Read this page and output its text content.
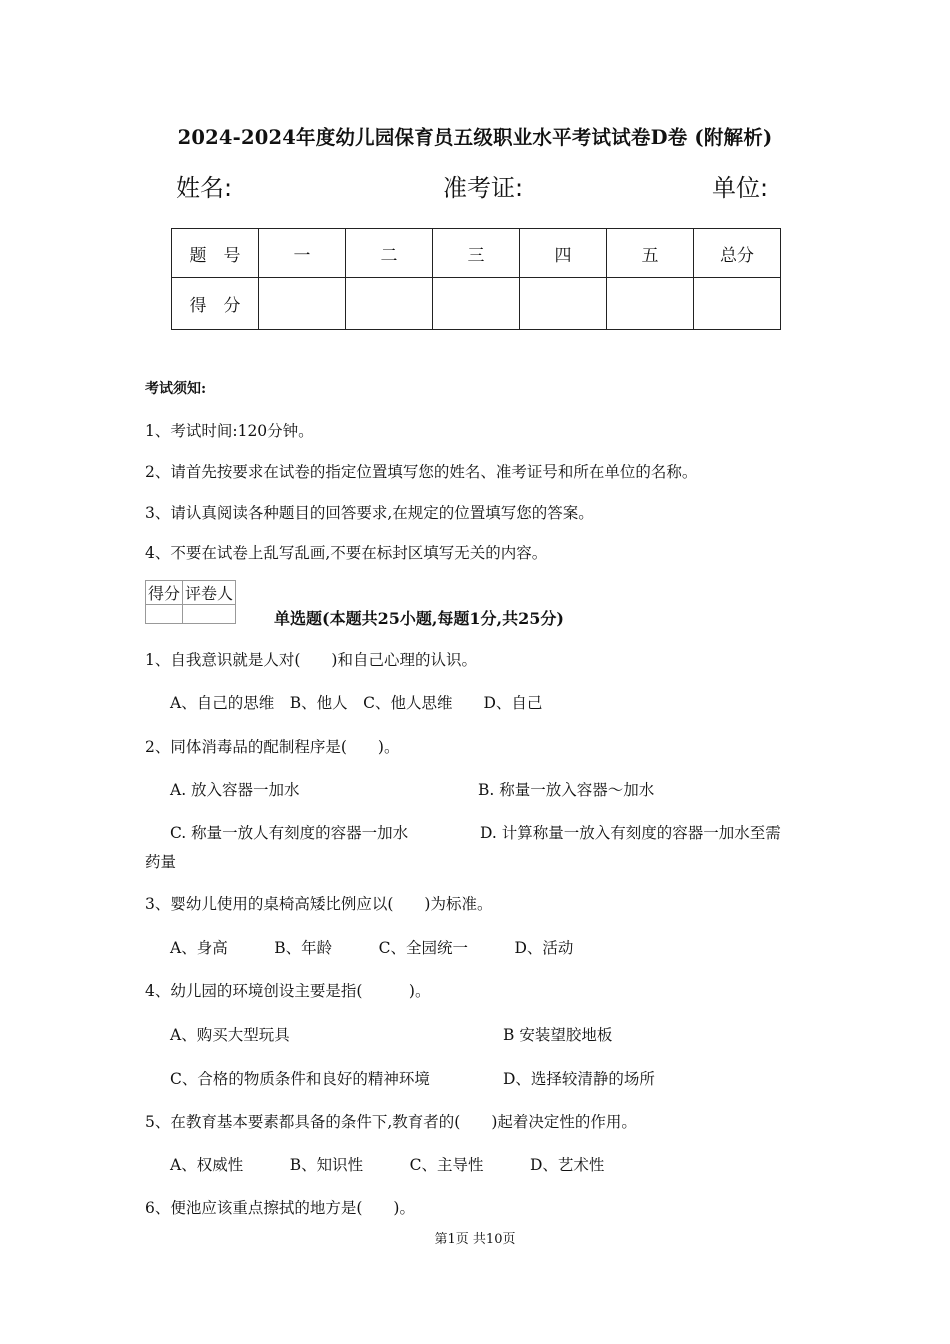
2024-2024年度幼儿园保育员五级职业水平考试试卷D卷 (附解析)
姓名:	准考证:	单位:
题　号	一	二	三	四	五	总分
得　分						
考试须知:
1、考试时间:120分钟。
2、请首先按要求在试卷的指定位置填写您的姓名、准考证号和所在单位的名称。
3、请认真阅读各种题目的回答要求,在规定的位置填写您的答案。
4、不要在试卷上乱写乱画,不要在标封区填写无关的内容。
得分	评卷人

单选题(本题共25小题,每题1分,共25分)
1、自我意识就是人对(　　)和自己心理的认识。
A、自己的思维　B、他人　C、他人思维　　D、自己
2、同体消毒品的配制程序是(　　)。
A. 放入容器一加水	B. 称量一放入容器～加水
C. 称量一放人有刻度的容器一加水	D. 计算称量一放入有刻度的容器一加水至需
药量
3、婴幼儿使用的桌椅高矮比例应以(　　)为标准。
A、身高　　　B、年龄　　　C、全园统一　　　D、活动
4、幼儿园的环境创设主要是指(　　　)。
A、购买大型玩具	B 安装望胶地板
C、合格的物质条件和良好的精神环境	D、选择较清静的场所
5、在教育基本要素都具备的条件下,教育者的(　　)起着决定性的作用。
A、权威性　　　B、知识性　　　C、主导性　　　D、艺术性
6、便池应该重点擦拭的地方是(　　)。
第1页 共10页
